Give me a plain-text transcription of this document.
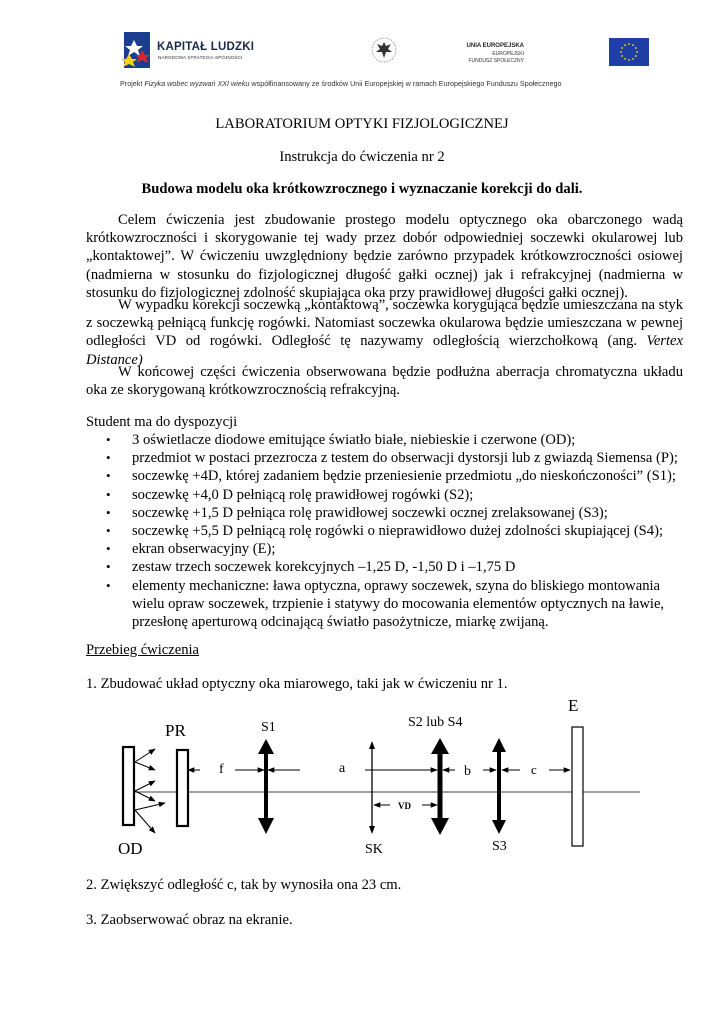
KAPITAŁ LUDZKI
NARODOWA STRATEGIA SPÓJNOŚCI
UNIA EUROPEJSKA
EUROPEJSKI
FUNDUSZ SPOŁECZNY
Projekt Fizyka wobec wyzwań XXI wieku współfinansowany ze środków Unii Europejskiej w ramach Europejskiego Funduszu Społecznego
LABORATORIUM OPTYKI FIZJOLOGICZNEJ
Instrukcja do ćwiczenia nr 2
Budowa modelu oka krótkowzrocznego i wyznaczanie korekcji do dali.
Celem ćwiczenia jest zbudowanie prostego modelu optycznego oka obarczonego wadą krótkowzroczności i skorygowanie tej wady przez dobór odpowiedniej soczewki okularowej lub „kontaktowej”. W ćwiczeniu uwzględniony będzie zarówno przypadek krótkowzroczności osiowej (nadmierna w stosunku do fizjologicznej długość gałki ocznej) jak i refrakcyjnej (nadmierna w stosunku do fizjologicznej zdolność skupiająca oka przy prawidłowej długości gałki ocznej).
W wypadku korekcji soczewką „kontaktową”, soczewka korygująca będzie umieszczana na styk z soczewką pełniącą funkcję rogówki. Natomiast soczewka okularowa będzie umieszczana w pewnej odległości VD od rogówki. Odległość tę nazywamy odległością wierzchołkową (ang. Vertex Distance)
W końcowej części ćwiczenia obserwowana będzie podłużna aberracja chromatyczna układu oka ze skorygowaną krótkowzrocznością refrakcyjną.
Student ma do dyspozycji
• 3 oświetlacze diodowe emitujące światło białe, niebieskie i czerwone (OD);
• przedmiot w postaci przezrocza z testem do obserwacji dystorsji lub z gwiazdą Siemensa (P);
• soczewkę +4D, której zadaniem będzie przeniesienie przedmiotu „do nieskończoności” (S1);
• soczewkę +4,0 D pełniącą rolę prawidłowej rogówki (S2);
• soczewkę +1,5 D pełniąca rolę prawidłowej soczewki ocznej zrelaksowanej (S3);
• soczewkę +5,5 D pełniącą rolę rogówki o nieprawidłowo dużej zdolności skupiającej (S4);
• ekran obserwacyjny (E);
• zestaw trzech soczewek korekcyjnych –1,25 D, -1,50 D i –1,75 D
• elementy mechaniczne: ława optyczna, oprawy soczewek, szyna do bliskiego montowania wielu opraw soczewek, trzpienie i statywy do mocowania elementów optycznych na ławie, przesłonę aperturową odcinającą światło pasożytnicze, miarkę zwijaną.
Przebieg ćwiczenia
1. Zbudować układ optyczny oka miarowego, taki jak w ćwiczeniu nr 1.
OD
PR	S1	S2 lub S4
E
SK	S3
f	a	b	c
VD
2. Zwiększyć odległość c, tak by wynosiła ona 23 cm.
3. Zaobserwować obraz na ekranie.
